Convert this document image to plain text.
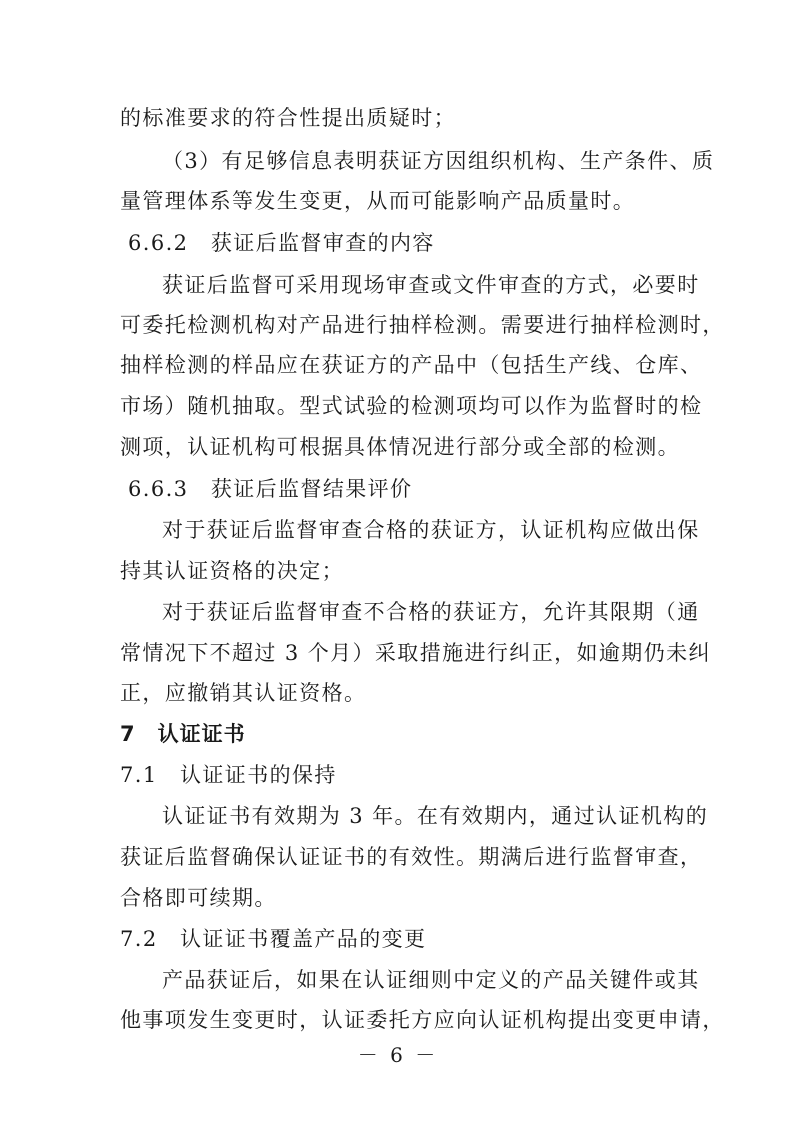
的标准要求的符合性提出质疑时；
（3）有足够信息表明获证方因组织机构、生产条件、质
量管理体系等发生变更，从而可能影响产品质量时。
6.6.2　获证后监督审查的内容
获证后监督可采用现场审查或文件审查的方式，必要时
可委托检测机构对产品进行抽样检测。需要进行抽样检测时，
抽样检测的样品应在获证方的产品中（包括生产线、仓库、
市场）随机抽取。型式试验的检测项均可以作为监督时的检
测项，认证机构可根据具体情况进行部分或全部的检测。
6.6.3　获证后监督结果评价
对于获证后监督审查合格的获证方，认证机构应做出保
持其认证资格的决定；
对于获证后监督审查不合格的获证方，允许其限期（通
常情况下不超过 3 个月）采取措施进行纠正，如逾期仍未纠
正，应撤销其认证资格。
7　认证证书
7.1　认证证书的保持
认证证书有效期为 3 年。在有效期内，通过认证机构的
获证后监督确保认证证书的有效性。期满后进行监督审查，
合格即可续期。
7.2　认证证书覆盖产品的变更
产品获证后，如果在认证细则中定义的产品关键件或其
他事项发生变更时，认证委托方应向认证机构提出变更申请，
－ 6 －
